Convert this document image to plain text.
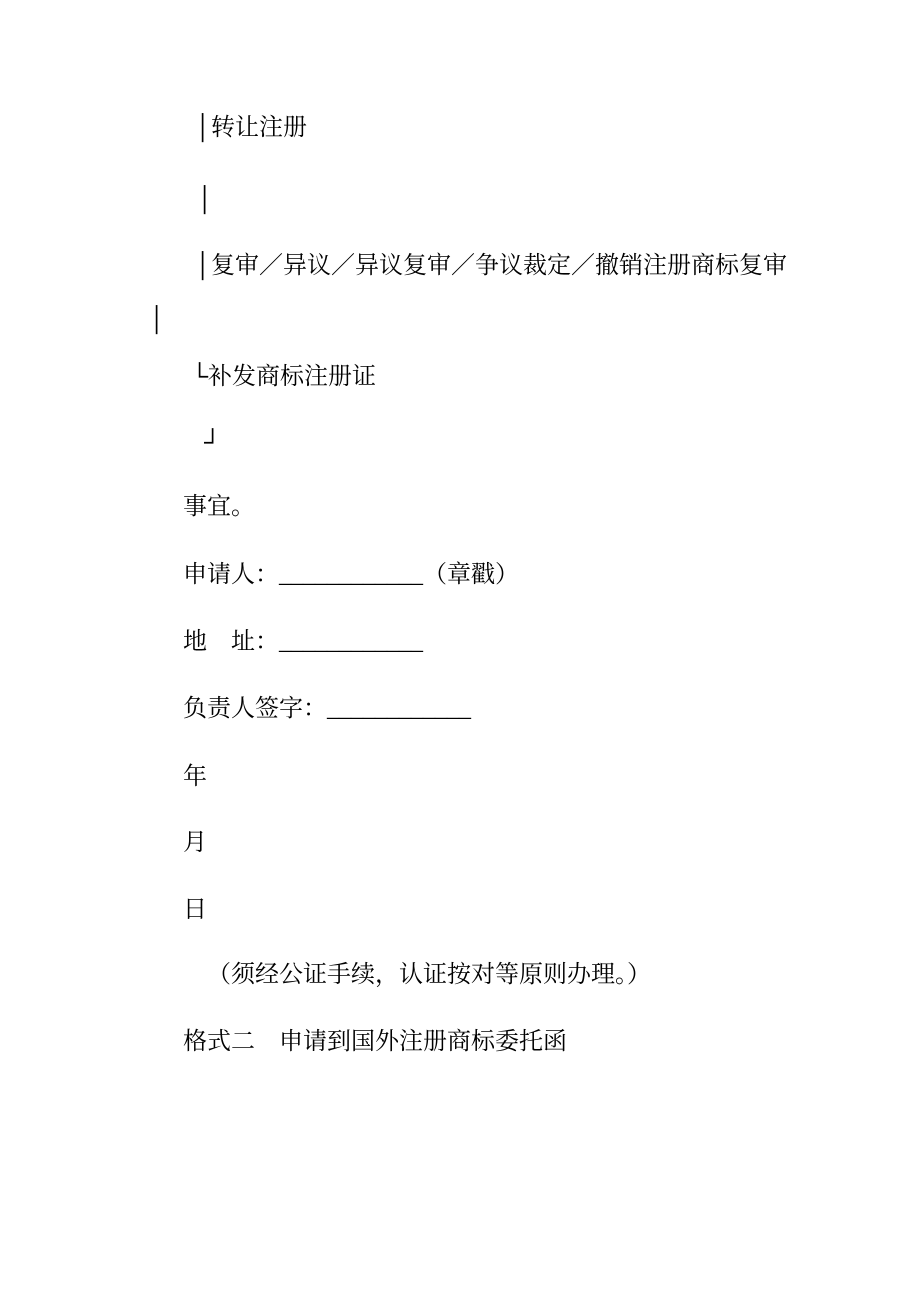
│转让注册
│
│复审／异议／异议复审／争议裁定／撤销注册商标复审
│
└补发商标注册证
┘
事宜。
申请人：____________（章戳）
地　址：____________
负责人签字：____________
年
月
日
（须经公证手续，认证按对等原则办理。）
格式二　申请到国外注册商标委托函
